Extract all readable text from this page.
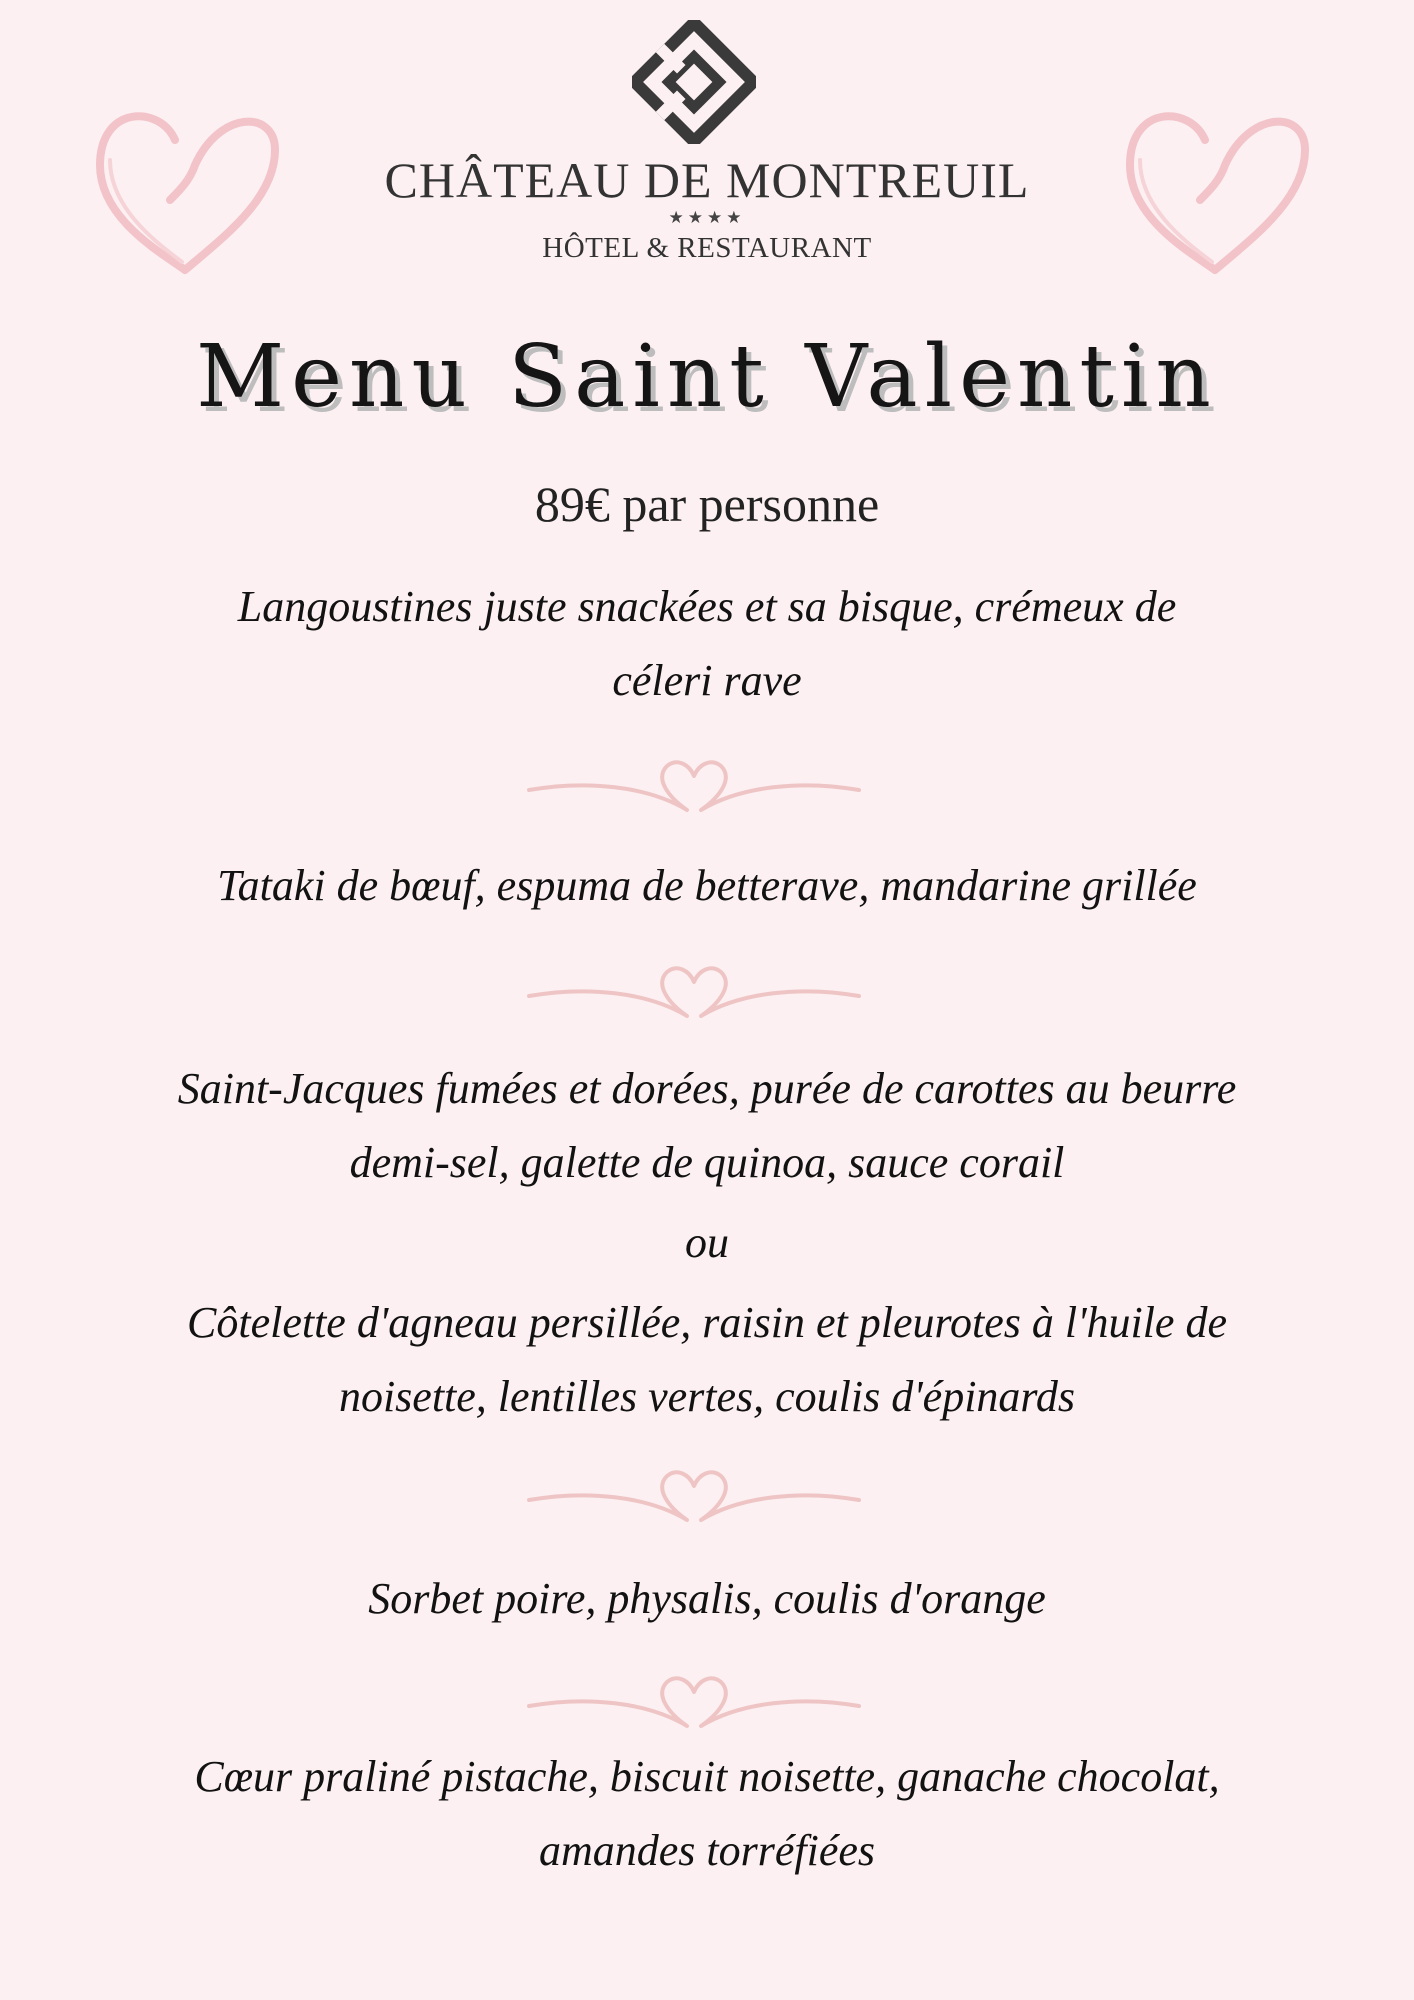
CHÂTEAU DE MONTREUIL
★★★★
HÔTEL & RESTAURANT
Menu Saint Valentin
89€ par personne
Langoustines juste snackées et sa bisque, crémeux de
céleri rave
Tataki de bœuf, espuma de betterave, mandarine grillée
Saint-Jacques fumées et dorées, purée de carottes au beurre
demi-sel, galette de quinoa, sauce corail
ou
Côtelette d'agneau persillée, raisin et pleurotes à l'huile de
noisette, lentilles vertes, coulis d'épinards
Sorbet poire, physalis, coulis d'orange
Cœur praliné pistache, biscuit noisette, ganache chocolat,
amandes torréfiées
